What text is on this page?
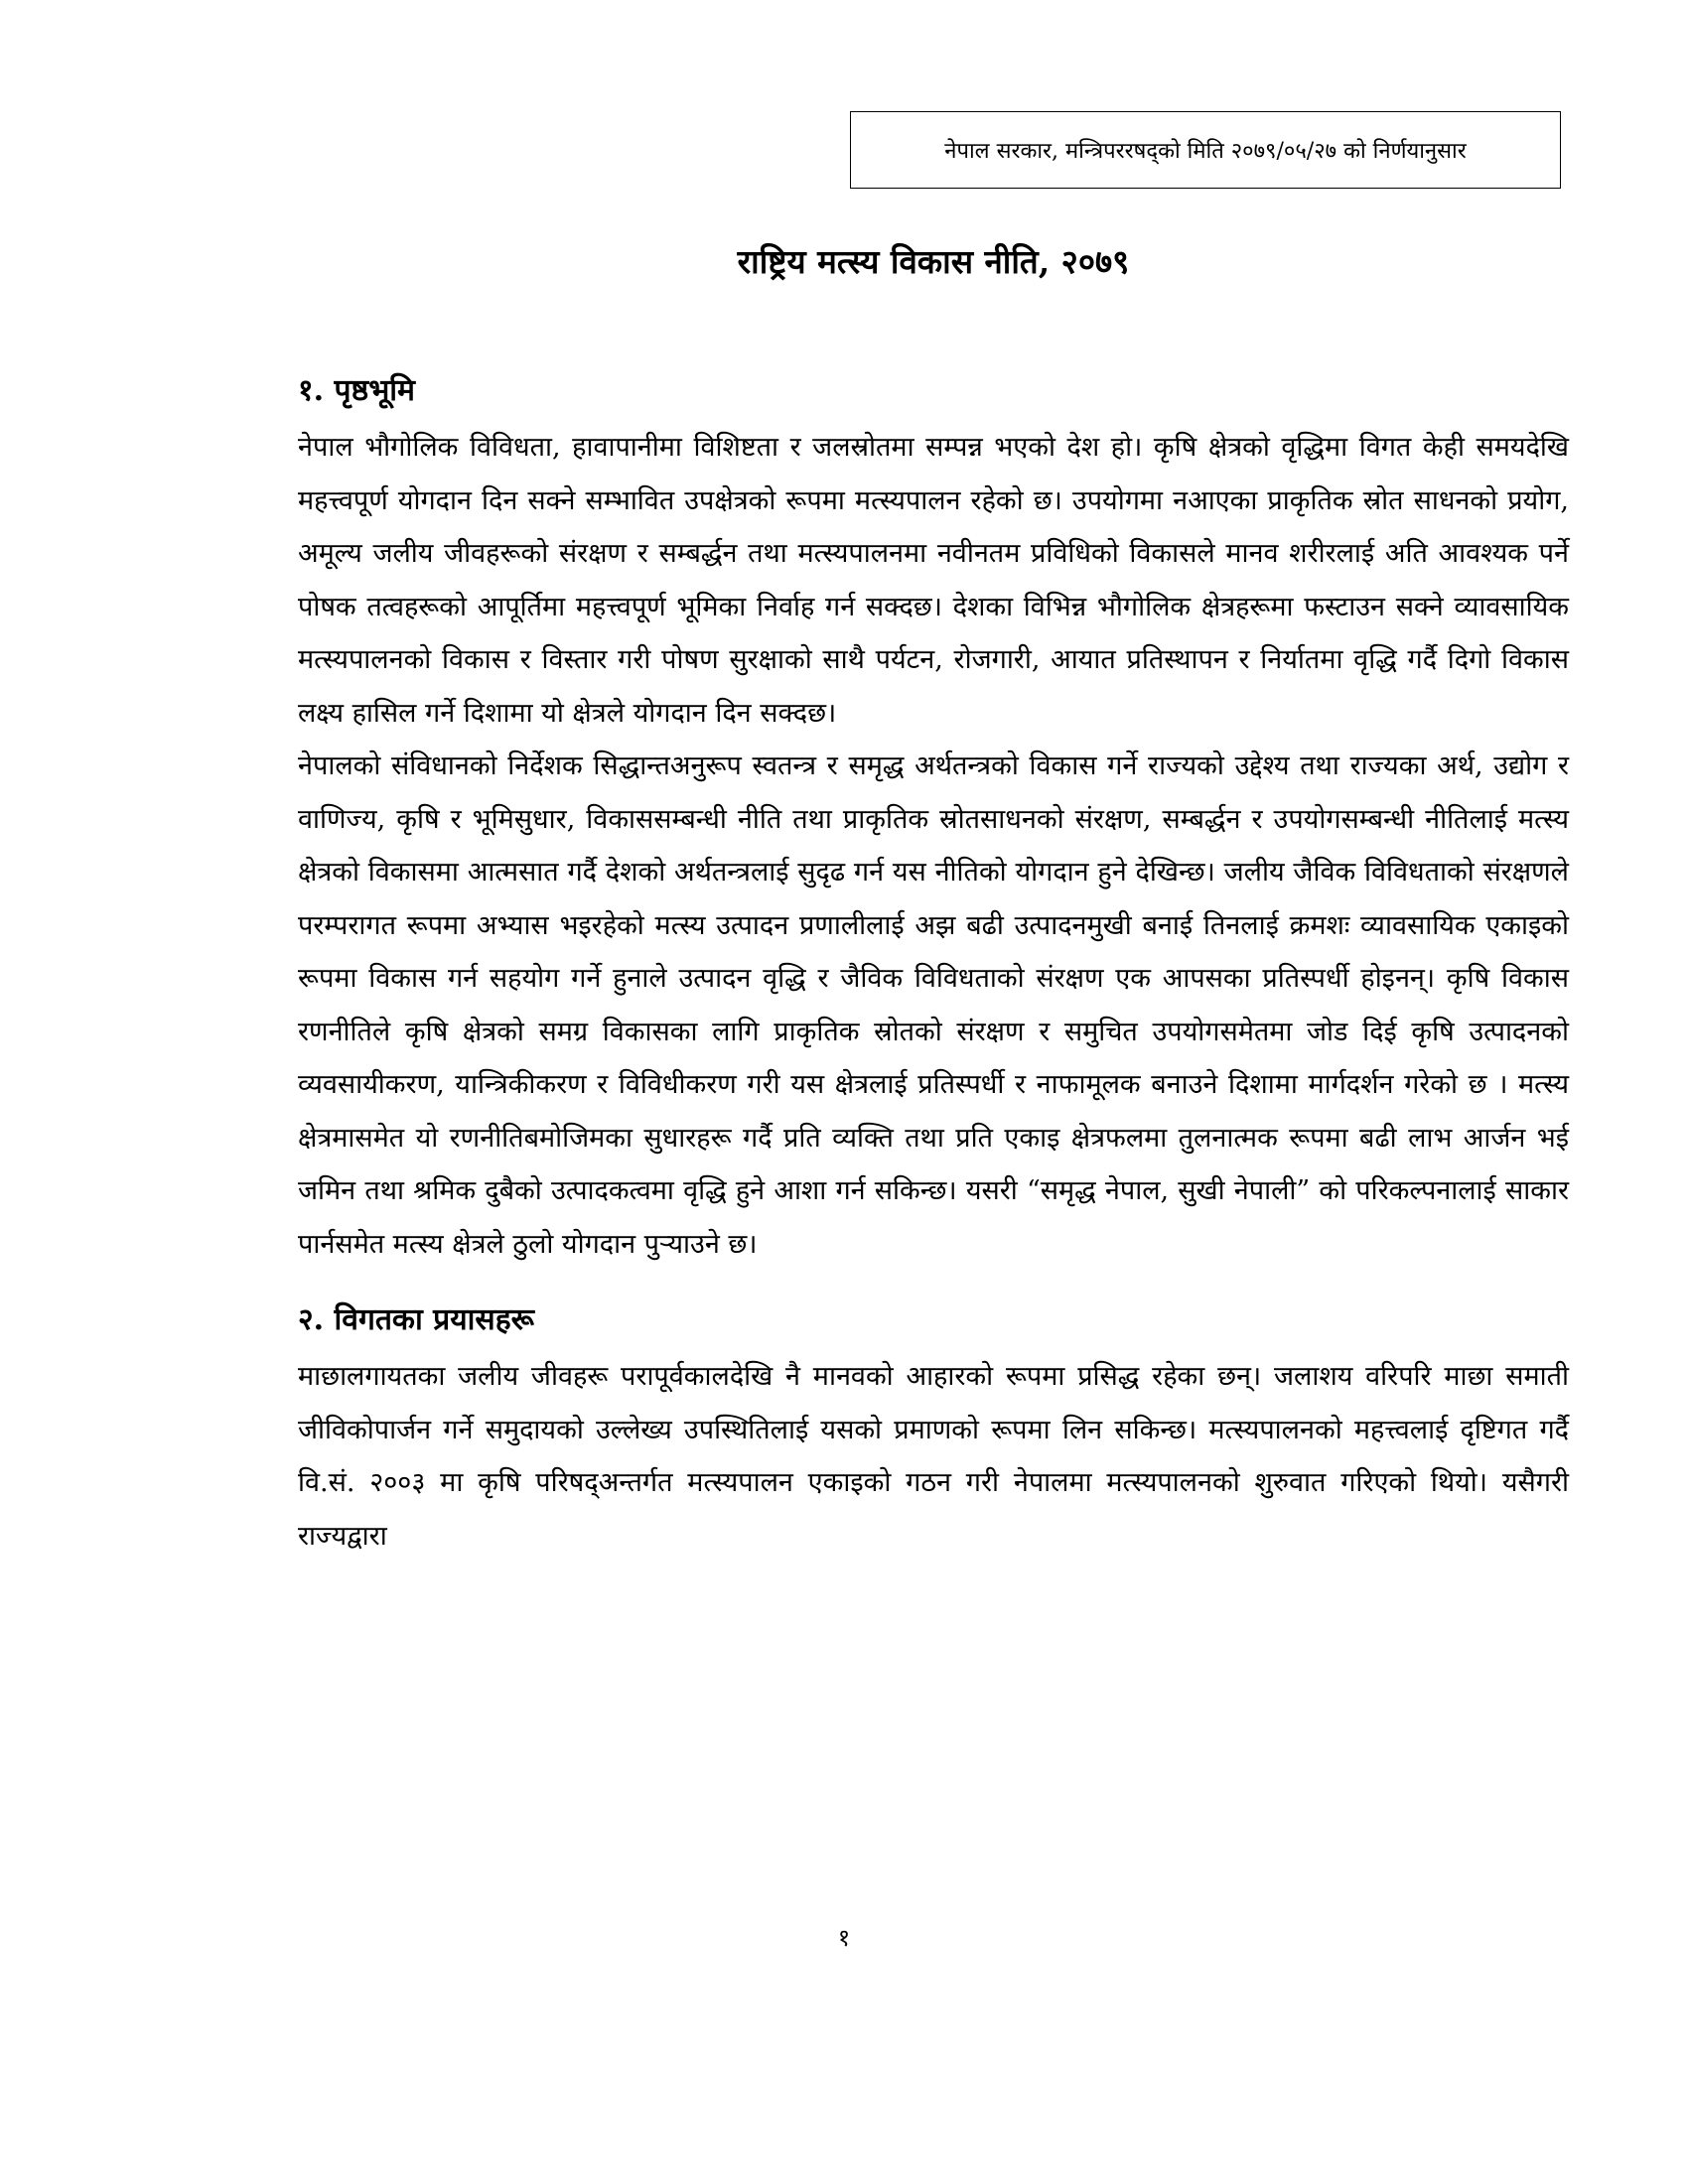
नेपाल सरकार, मन्त्रिपररषद्को मिति २०७९/०५/२७ को निर्णयानुसार
राष्ट्रिय मत्स्य विकास नीति, २०७९
१. पृष्ठभूमि

नेपाल भौगोलिक विविधता, हावापानीमा विशिष्टता र जलस्रोतमा सम्पन्न भएको देश हो। कृषि क्षेत्रको वृद्धिमा विगत केही समयदेखि महत्त्वपूर्ण योगदान दिन सक्ने सम्भावित उपक्षेत्रको रूपमा मत्स्यपालन रहेको छ। उपयोगमा नआएका प्राकृतिक स्रोत साधनको प्रयोग, अमूल्य जलीय जीवहरूको संरक्षण र सम्बर्द्धन तथा मत्स्यपालनमा नवीनतम प्रविधिको विकासले मानव शरीरलाई अति आवश्यक पर्ने पोषक तत्वहरूको आपूर्तिमा महत्त्वपूर्ण भूमिका निर्वाह गर्न सक्दछ। देशका विभिन्न भौगोलिक क्षेत्रहरूमा फस्टाउन सक्ने व्यावसायिक मत्स्यपालनको विकास र विस्तार गरी पोषण सुरक्षाको साथै पर्यटन, रोजगारी, आयात प्रतिस्थापन र निर्यातमा वृद्धि गर्दै दिगो विकास लक्ष्य हासिल गर्ने दिशामा यो क्षेत्रले योगदान दिन सक्दछ।

नेपालको संविधानको निर्देशक सिद्धान्तअनुरूप स्वतन्त्र र समृद्ध अर्थतन्त्रको विकास गर्ने राज्यको उद्देश्य तथा राज्यका अर्थ, उद्योग र वाणिज्य, कृषि र भूमिसुधार, विकाससम्बन्धी नीति तथा प्राकृतिक स्रोतसाधनको संरक्षण, सम्बर्द्धन र उपयोगसम्बन्धी नीतिलाई मत्स्य क्षेत्रको विकासमा आत्मसात गर्दै देशको अर्थतन्त्रलाई सुदृढ गर्न यस नीतिको योगदान हुने देखिन्छ। जलीय जैविक विविधताको संरक्षणले परम्परागत रूपमा अभ्यास भइरहेको मत्स्य उत्पादन प्रणालीलाई अझ बढी उत्पादनमुखी बनाई तिनलाई क्रमशः व्यावसायिक एकाइको रूपमा विकास गर्न सहयोग गर्ने हुनाले उत्पादन वृद्धि र जैविक विविधताको संरक्षण एक आपसका प्रतिस्पर्धी होइनन्। कृषि विकास रणनीतिले कृषि क्षेत्रको समग्र विकासका लागि प्राकृतिक स्रोतको संरक्षण र समुचित उपयोगसमेतमा जोड दिई कृषि उत्पादनको व्यवसायीकरण, यान्त्रिकीकरण र विविधीकरण गरी यस क्षेत्रलाई प्रतिस्पर्धी र नाफामूलक बनाउने दिशामा मार्गदर्शन गरेको छ । मत्स्य क्षेत्रमासमेत यो रणनीतिबमोजिमका सुधारहरू गर्दै प्रति व्यक्ति तथा प्रति एकाइ क्षेत्रफलमा तुलनात्मक रूपमा बढी लाभ आर्जन भई जमिन तथा श्रमिक दुबैको उत्पादकत्वमा वृद्धि हुने आशा गर्न सकिन्छ। यसरी “समृद्ध नेपाल, सुखी नेपाली” को परिकल्पनालाई साकार पार्नसमेत मत्स्य क्षेत्रले ठुलो योगदान पुऱ्याउने छ।

२. विगतका प्रयासहरू

माछालगायतका जलीय जीवहरू परापूर्वकालदेखि नै मानवको आहारको रूपमा प्रसिद्ध रहेका छन्। जलाशय वरिपरि माछा समाती जीविकोपार्जन गर्ने समुदायको उल्लेख्य उपस्थितिलाई यसको प्रमाणको रूपमा लिन सकिन्छ। मत्स्यपालनको महत्त्वलाई दृष्टिगत गर्दै वि.सं. २००३ मा कृषि परिषद्अन्तर्गत मत्स्यपालन एकाइको गठन गरी नेपालमा मत्स्यपालनको शुरुवात गरिएको थियो। यसैगरी राज्यद्वारा

१
